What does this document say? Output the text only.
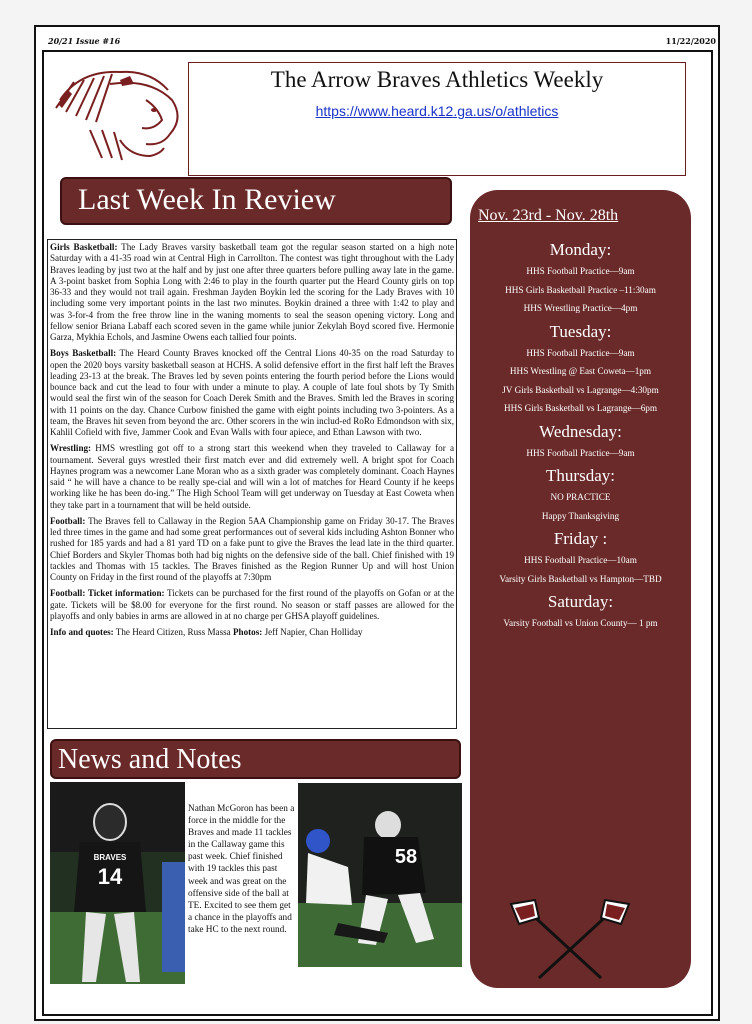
20/21 Issue #16	11/22/2020
The Arrow Braves Athletics Weekly
https://www.heard.k12.ga.us/o/athletics
Last Week In Review

Girls Basketball: The Lady Braves varsity basketball team got the regular season started on a high note Saturday with a 41-35 road win at Central High in Carrollton. The contest was tight throughout with the Lady Braves leading by just two at the half and by just one after three quarters before pulling away late in the game. A 3-point basket from Sophia Long with 2:46 to play in the fourth quarter put the Heard County girls on top 36-33 and they would not trail again. Freshman Jayden Boykin led the scoring for the Lady Braves with 10 including some very important points in the last two minutes. Boykin drained a three with 1:42 to play and was 3-for-4 from the free throw line in the waning moments to seal the season opening victory. Long and fellow senior Briana Labaff each scored seven in the game while junior Zekylah Boyd scored five. Hermonie Garza, Mykhia Echols, and Jasmine Owens each tallied four points.

Boys Basketball: The Heard County Braves knocked off the Central Lions 40-35 on the road Saturday to open the 2020 boys varsity basketball season at HCHS. A solid defensive effort in the first half left the Braves leading 23-13 at the break. The Braves led by seven points entering the fourth period before the Lions would bounce back and cut the lead to four with under a minute to play. A couple of late foul shots by Ty Smith would seal the first win of the season for Coach Derek Smith and the Braves. Smith led the Braves in scoring with 11 points on the day. Chance Curbow finished the game with eight points including two 3-pointers. As a team, the Braves hit seven from beyond the arc. Other scorers in the win includ-ed RoRo Edmondson with six, Kahlil Cofield with five, Jammer Cook and Evan Walls with four apiece, and Ethan Lawson with two.

Wrestling: HMS wrestling got off to a strong start this weekend when they traveled to Callaway for a tournament. Several guys wrestled their first match ever and did extremely well. A bright spot for Coach Haynes program was a newcomer Lane Moran who as a sixth grader was completely dominant. Coach Haynes said “ he will have a chance to be really spe-cial and will win a lot of matches for Heard County if he keeps working like he has been do-ing.” The High School Team will get underway on Tuesday at East Coweta when they take part in a tournament that will be held outside.

Football: The Braves fell to Callaway in the Region 5AA Championship game on Friday 30-17. The Braves led three times in the game and had some great performances out of several kids including Ashton Bonner who rushed for 185 yards and had a 81 yard TD on a fake punt to give the Braves the lead late in the third quarter. Chief Borders and Skyler Thomas both had big nights on the defensive side of the ball. Chief finished with 19 tackles and Thomas with 15 tackles. The Braves finished as the Region Runner Up and will host Union County on Friday in the first round of the playoffs at 7:30pm

Football: Ticket information: Tickets can be purchased for the first round of the playoffs on Gofan or at the gate. Tickets will be $8.00 for everyone for the first round. No season or staff passes are allowed for the playoffs and only babies in arms are allowed in at no charge per GHSA playoff guidelines.

Info and quotes: The Heard Citizen, Russ Massa Photos: Jeff Napier, Chan Holliday

News and Notes
BRAVES
14
Nathan McGoron has been a force in the middle for the Braves and made 11 tackles in the Callaway game this past week. Chief finished with 19 tackles this past week and was great on the offensive side of the ball at TE. Excited to see them get a chance in the playoffs and take HC to the next round.
58
Nov. 23rd - Nov. 28th
Monday:
HHS Football Practice—9am
HHS Girls Basketball Practice –11:30am
HHS Wrestling Practice—4pm
Tuesday:
HHS Football Practice—9am
HHS Wrestling @ East Coweta—1pm
JV Girls Basketball vs Lagrange—4:30pm
HHS Girls Basketball vs Lagrange—6pm
Wednesday:
HHS Football Practice—9am
Thursday:
NO PRACTICE
Happy Thanksgiving
Friday :
HHS Football Practice—10am
Varsity Girls Basketball vs Hampton—TBD
Saturday:
Varsity Football vs Union County— 1 pm
